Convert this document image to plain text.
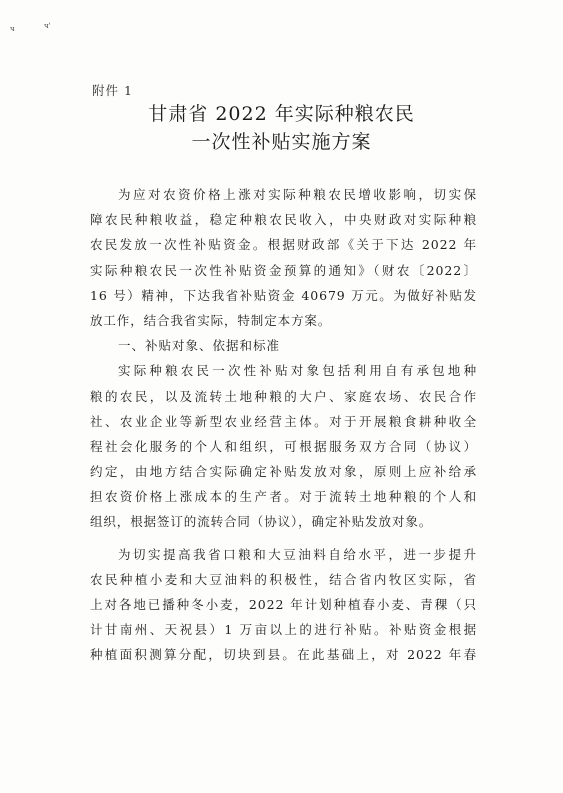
ч	ч'
附件 1
甘肃省 2022 年实际种粮农民
一次性补贴实施方案
为应对农资价格上涨对实际种粮农民增收影响，切实保
障农民种粮收益，稳定种粮农民收入，中央财政对实际种粮
农民发放一次性补贴资金。根据财政部《关于下达 2022 年
实际种粮农民一次性补贴资金预算的通知》（财农〔2022〕
16 号）精神，下达我省补贴资金 40679 万元。为做好补贴发
放工作，结合我省实际，特制定本方案。
一、补贴对象、依据和标准
实际种粮农民一次性补贴对象包括利用自有承包地种
粮的农民，以及流转土地种粮的大户、家庭农场、农民合作
社、农业企业等新型农业经营主体。对于开展粮食耕种收全
程社会化服务的个人和组织，可根据服务双方合同（协议）
约定，由地方结合实际确定补贴发放对象，原则上应补给承
担农资价格上涨成本的生产者。对于流转土地种粮的个人和
组织，根据签订的流转合同（协议），确定补贴发放对象。
为切实提高我省口粮和大豆油料自给水平，进一步提升
农民种植小麦和大豆油料的积极性，结合省内牧区实际，省
上对各地已播种冬小麦，2022 年计划种植春小麦、青稞（只
计甘南州、天祝县）1 万亩以上的进行补贴。补贴资金根据
种植面积测算分配，切块到县。在此基础上，对 2022 年春
